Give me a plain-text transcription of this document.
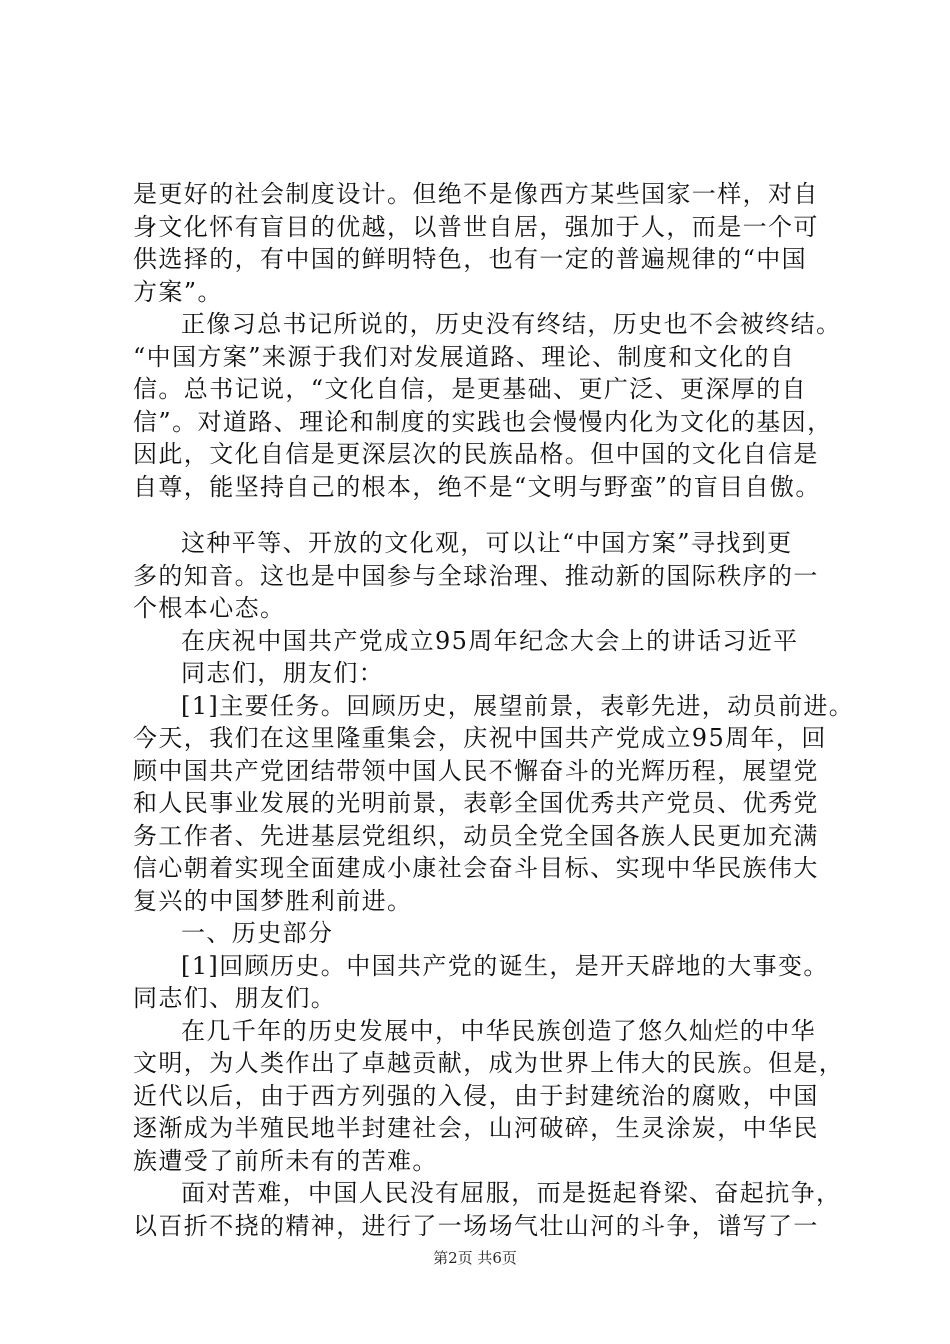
是更好的社会制度设计。但绝不是像西方某些国家一样，对自
身文化怀有盲目的优越，以普世自居，强加于人，而是一个可
供选择的，有中国的鲜明特色，也有一定的普遍规律的“中国
方案”。
正像习总书记所说的，历史没有终结，历史也不会被终结。
“中国方案”来源于我们对发展道路、理论、制度和文化的自
信。总书记说，“文化自信，是更基础、更广泛、更深厚的自
信”。对道路、理论和制度的实践也会慢慢内化为文化的基因，
因此，文化自信是更深层次的民族品格。但中国的文化自信是
自尊，能坚持自己的根本，绝不是“文明与野蛮”的盲目自傲。
这种平等、开放的文化观，可以让“中国方案”寻找到更
多的知音。这也是中国参与全球治理、推动新的国际秩序的一
个根本心态。
在庆祝中国共产党成立95周年纪念大会上的讲话习近平
同志们，朋友们：
[1]主要任务。回顾历史，展望前景，表彰先进，动员前进。
今天，我们在这里隆重集会，庆祝中国共产党成立95周年，回
顾中国共产党团结带领中国人民不懈奋斗的光辉历程，展望党
和人民事业发展的光明前景，表彰全国优秀共产党员、优秀党
务工作者、先进基层党组织，动员全党全国各族人民更加充满
信心朝着实现全面建成小康社会奋斗目标、实现中华民族伟大
复兴的中国梦胜利前进。
一、历史部分
[1]回顾历史。中国共产党的诞生，是开天辟地的大事变。
同志们、朋友们。
在几千年的历史发展中，中华民族创造了悠久灿烂的中华
文明，为人类作出了卓越贡献，成为世界上伟大的民族。但是，
近代以后，由于西方列强的入侵，由于封建统治的腐败，中国
逐渐成为半殖民地半封建社会，山河破碎，生灵涂炭，中华民
族遭受了前所未有的苦难。
面对苦难，中国人民没有屈服，而是挺起脊梁、奋起抗争，
以百折不挠的精神，进行了一场场气壮山河的斗争，谱写了一
第2页 共6页
